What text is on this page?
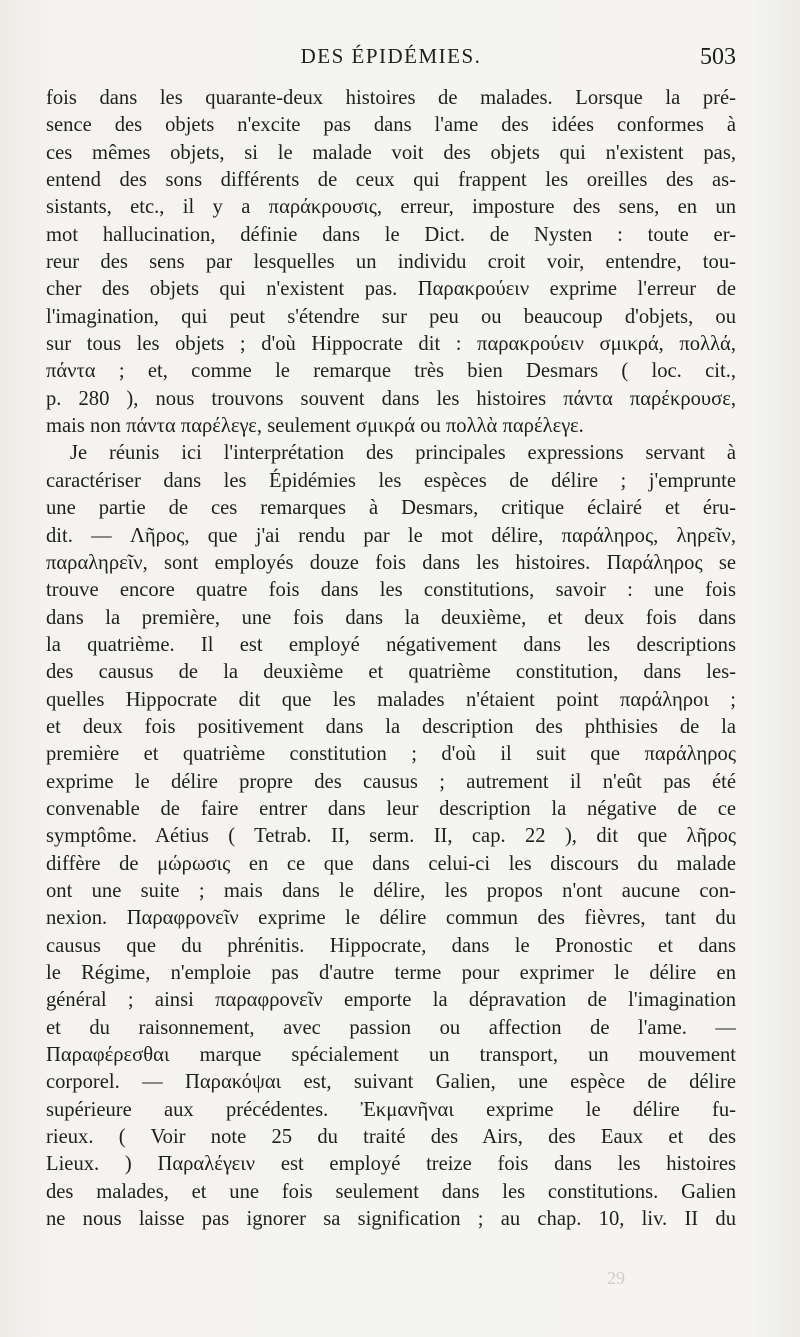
DES ÉPIDÉMIES.	503
fois dans les quarante-deux histoires de malades. Lorsque la pré-
sence des objets n'excite pas dans l'ame des idées conformes à
ces mêmes objets, si le malade voit des objets qui n'existent pas,
entend des sons différents de ceux qui frappent les oreilles des as-
sistants, etc., il y a παράκρουσις, erreur, imposture des sens, en un
mot hallucination, définie dans le Dict. de Nysten : toute er-
reur des sens par lesquelles un individu croit voir, entendre, tou-
cher des objets qui n'existent pas. Παρακρούειν exprime l'erreur de
l'imagination, qui peut s'étendre sur peu ou beaucoup d'objets, ou
sur tous les objets ; d'où Hippocrate dit : παρακρούειν σμικρά, πολλά,
πάντα ; et, comme le remarque très bien Desmars ( loc. cit.,
p. 280 ), nous trouvons souvent dans les histoires πάντα παρέκρουσε,
mais non πάντα παρέλεγε, seulement σμικρά ou πολλὰ παρέλεγε.
Je réunis ici l'interprétation des principales expressions servant à
caractériser dans les Épidémies les espèces de délire ; j'emprunte
une partie de ces remarques à Desmars, critique éclairé et éru-
dit. — Λῆρος, que j'ai rendu par le mot délire, παράληρος, ληρεῖν,
παραληρεῖν, sont employés douze fois dans les histoires. Παράληρος se
trouve encore quatre fois dans les constitutions, savoir : une fois
dans la première, une fois dans la deuxième, et deux fois dans
la quatrième. Il est employé négativement dans les descriptions
des causus de la deuxième et quatrième constitution, dans les-
quelles Hippocrate dit que les malades n'étaient point παράληροι ;
et deux fois positivement dans la description des phthisies de la
première et quatrième constitution ; d'où il suit que παράληρος
exprime le délire propre des causus ; autrement il n'eût pas été
convenable de faire entrer dans leur description la négative de ce
symptôme. Aétius ( Tetrab. II, serm. II, cap. 22 ), dit que λῆρος
diffère de μώρωσις en ce que dans celui-ci les discours du malade
ont une suite ; mais dans le délire, les propos n'ont aucune con-
nexion. Παραφρονεῖν exprime le délire commun des fièvres, tant du
causus que du phrénitis. Hippocrate, dans le Pronostic et dans
le Régime, n'emploie pas d'autre terme pour exprimer le délire en
général ; ainsi παραφρονεῖν emporte la dépravation de l'imagination
et du raisonnement, avec passion ou affection de l'ame. —
Παραφέρεσθαι marque spécialement un transport, un mouvement
corporel. — Παρακόψαι est, suivant Galien, une espèce de délire
supérieure aux précédentes. Ἐκμανῆναι exprime le délire fu-
rieux. ( Voir note 25 du traité des Airs, des Eaux et des
Lieux. ) Παραλέγειν est employé treize fois dans les histoires
des malades, et une fois seulement dans les constitutions. Galien
ne nous laisse pas ignorer sa signification ; au chap. 10, liv. II du
29
